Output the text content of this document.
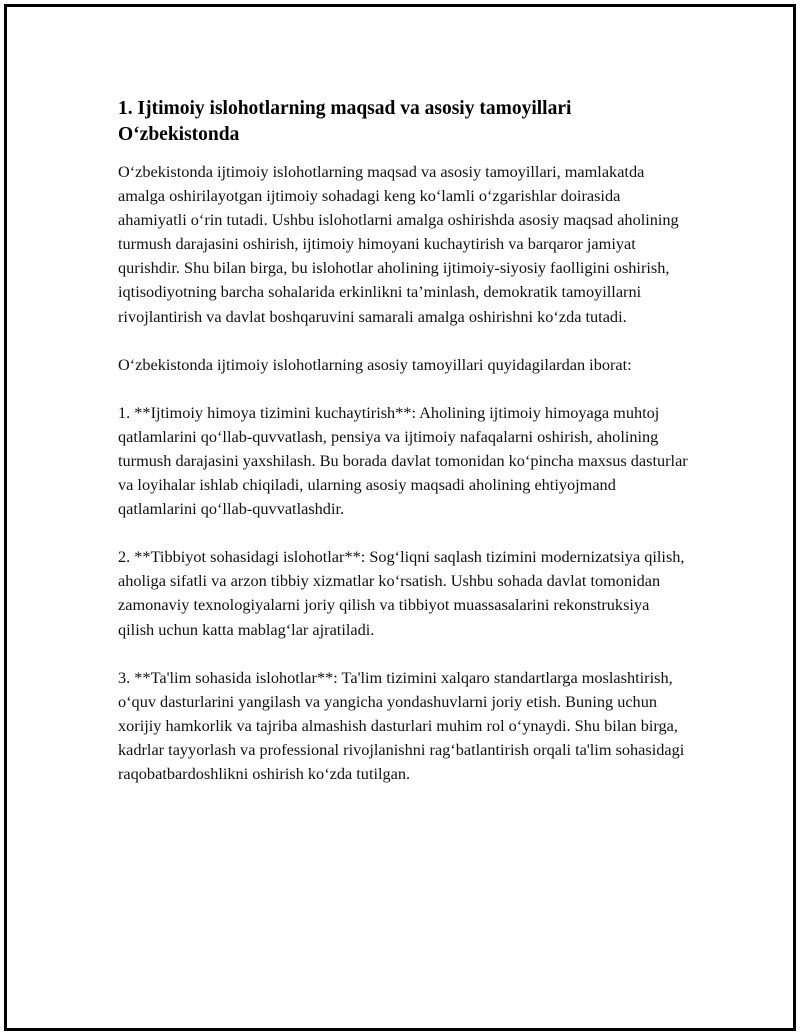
1. Ijtimoiy islohotlarning maqsad va asosiy tamoyillari O‘zbekistonda

O‘zbekistonda ijtimoiy islohotlarning maqsad va asosiy tamoyillari, mamlakatda amalga oshirilayotgan ijtimoiy sohadagi keng ko‘lamli o‘zgarishlar doirasida ahamiyatli o‘rin tutadi. Ushbu islohotlarni amalga oshirishda asosiy maqsad aholining turmush darajasini oshirish, ijtimoiy himoyani kuchaytirish va barqaror jamiyat qurishdir. Shu bilan birga, bu islohotlar aholining ijtimoiy-siyosiy faolligini oshirish, iqtisodiyotning barcha sohalarida erkinlikni ta’minlash, demokratik tamoyillarni rivojlantirish va davlat boshqaruvini samarali amalga oshirishni ko‘zda tutadi.

O‘zbekistonda ijtimoiy islohotlarning asosiy tamoyillari quyidagilardan iborat:

1. **Ijtimoiy himoya tizimini kuchaytirish**: Aholining ijtimoiy himoyaga muhtoj qatlamlarini qo‘llab-quvvatlash, pensiya va ijtimoiy nafaqalarni oshirish, aholining turmush darajasini yaxshilash. Bu borada davlat tomonidan ko‘pincha maxsus dasturlar va loyihalar ishlab chiqiladi, ularning asosiy maqsadi aholining ehtiyojmand qatlamlarini qo‘llab-quvvatlashdir.

2. **Tibbiyot sohasidagi islohotlar**: Sog‘liqni saqlash tizimini modernizatsiya qilish, aholiga sifatli va arzon tibbiy xizmatlar ko‘rsatish. Ushbu sohada davlat tomonidan zamonaviy texnologiyalarni joriy qilish va tibbiyot muassasalarini rekonstruksiya qilish uchun katta mablag‘lar ajratiladi.

3. **Ta'lim sohasida islohotlar**: Ta'lim tizimini xalqaro standartlarga moslashtirish, o‘quv dasturlarini yangilash va yangicha yondashuvlarni joriy etish. Buning uchun xorijiy hamkorlik va tajriba almashish dasturlari muhim rol o‘ynaydi. Shu bilan birga, kadrlar tayyorlash va professional rivojlanishni rag‘batlantirish orqali ta'lim sohasidagi raqobatbardoshlikni oshirish ko‘zda tutilgan.
